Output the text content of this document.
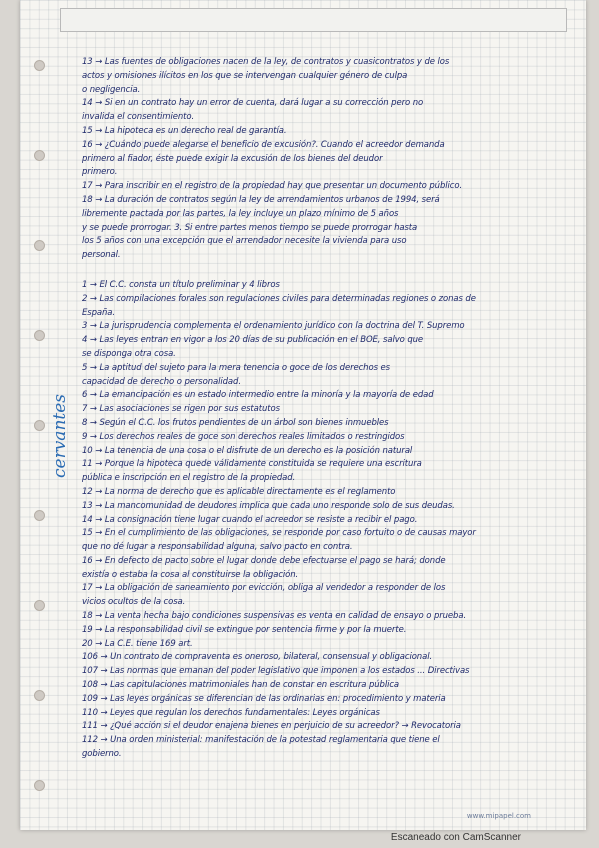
cervantes
13 → Las fuentes de obligaciones nacen de la ley, de contratos y cuasicontratos y de los
actos y omisiones ilícitos en los que se intervengan cualquier género de culpa
o negligencia.
14 → Si en un contrato hay un error de cuenta, dará lugar a su corrección pero no
invalida el consentimiento.
15 → La hipoteca es un derecho real de garantía.
16 → ¿Cuándo puede alegarse el beneficio de excusión?. Cuando el acreedor demanda
primero al fiador, éste puede exigir la excusión de los bienes del deudor
primero.
17 → Para inscribir en el registro de la propiedad hay que presentar un documento público.
18 → La duración de contratos según la ley de arrendamientos urbanos de 1994, será
libremente pactada por las partes, la ley incluye un plazo mínimo de 5 años
y se puede prorrogar. 3. Si entre partes menos tiempo se puede prorrogar hasta
los 5 años con una excepción que el arrendador necesite la vivienda para uso
personal.
1 → El C.C. consta un título preliminar y 4 libros
2 → Las compilaciones forales son regulaciones civiles para determinadas regiones o zonas de
España.
3 → La jurisprudencia complementa el ordenamiento jurídico con la doctrina del T. Supremo
4 → Las leyes entran en vigor a los 20 días de su publicación en el BOE, salvo que
se disponga otra cosa.
5 → La aptitud del sujeto para la mera tenencia o goce de los derechos es
capacidad de derecho o personalidad.
6 → La emancipación es un estado intermedio entre la minoría y la mayoría de edad
7 → Las asociaciones se rigen por sus estatutos
8 → Según el C.C. los frutos pendientes de un árbol son bienes inmuebles
9 → Los derechos reales de goce son derechos reales limitados o restringidos
10 → La tenencia de una cosa o el disfrute de un derecho es la posición natural
11 → Porque la hipoteca quede válidamente constituida se requiere una escritura
pública e inscripción en el registro de la propiedad.
12 → La norma de derecho que es aplicable directamente es el reglamento
13 → La mancomunidad de deudores implica que cada uno responde solo de sus deudas.
14 → La consignación tiene lugar cuando el acreedor se resiste a recibir el pago.
15 → En el cumplimiento de las obligaciones, se responde por caso fortuito o de causas mayor
que no dé lugar a responsabilidad alguna, salvo pacto en contra.
16 → En defecto de pacto sobre el lugar donde debe efectuarse el pago se hará; donde
existía o estaba la cosa al constituirse la obligación.
17 → La obligación de saneamiento por evicción, obliga al vendedor a responder de los
vicios ocultos de la cosa.
18 → La venta hecha bajo condiciones suspensivas es venta en calidad de ensayo o prueba.
19 → La responsabilidad civil se extingue por sentencia firme y por la muerte.
20 → La C.E. tiene 169 art.
106 → Un contrato de compraventa es oneroso, bilateral, consensual y obligacional.
107 → Las normas que emanan del poder legislativo que imponen a los estados ... Directivas
108 → Las capitulaciones matrimoniales han de constar en escritura pública
109 → Las leyes orgánicas se diferencian de las ordinarias en: procedimiento y materia
110 → Leyes que regulan los derechos fundamentales: Leyes orgánicas
111 → ¿Qué acción si el deudor enajena bienes en perjuicio de su acreedor? → Revocatoria
112 → Una orden ministerial: manifestación de la potestad reglamentaria que tiene el
gobierno.
www.mipapel.com
Escaneado con CamScanner
